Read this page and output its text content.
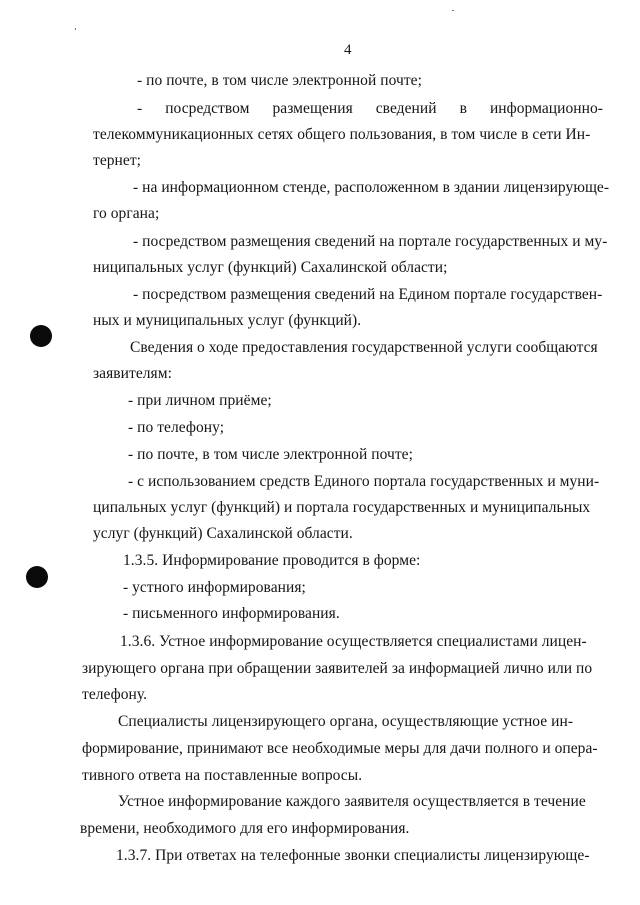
4
- по почте, в том числе электронной почте;
- посредством размещения сведений в информационно-
телекоммуникационных сетях общего пользования, в том числе в сети Ин-
тернет;
- на информационном стенде, расположенном в здании лицензирующе-
го органа;
- посредством размещения сведений на портале государственных и му-
ниципальных услуг (функций) Сахалинской области;
- посредством размещения сведений на Едином портале государствен-
ных и муниципальных услуг (функций).
Сведения о ходе предоставления государственной услуги сообщаются
заявителям:
- при личном приёме;
- по телефону;
- по почте, в том числе электронной почте;
- с использованием средств Единого портала государственных и муни-
ципальных услуг (функций) и портала государственных и муниципальных
услуг (функций) Сахалинской области.
1.3.5. Информирование проводится в форме:
- устного информирования;
- письменного информирования.
1.3.6. Устное информирование осуществляется специалистами лицен-
зирующего органа при обращении заявителей за информацией лично или по
телефону.
Специалисты лицензирующего органа, осуществляющие устное ин-
формирование, принимают все необходимые меры для дачи полного и опера-
тивного ответа на поставленные вопросы.
Устное информирование каждого заявителя осуществляется в течение
времени, необходимого для его информирования.
1.3.7. При ответах на телефонные звонки специалисты лицензирующе-
